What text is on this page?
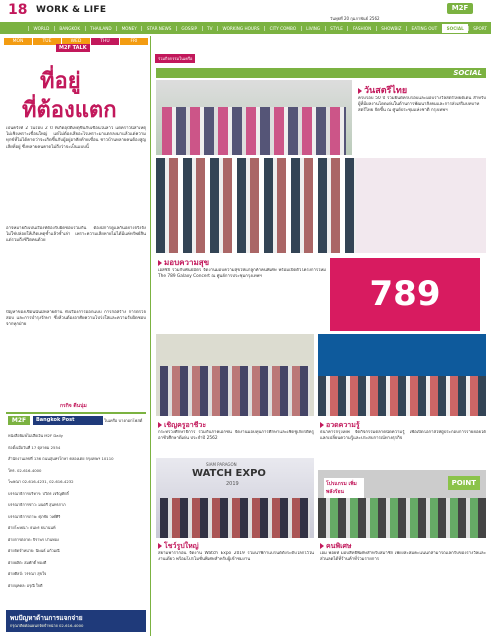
18 WORK & LIFE	M2F
วันพุธที่ 20 กุมภาพันธ์ 2562
WORLD	BANGKOK	THAILAND	MONEY	STAR NEWS	GOSSIP	TV	WORKING HOURS	CITY COMBO	LIVING	STYLE	FASHION	SHOWBIZ	EATING OUT	SOCIAL	SPORT
MON	TUE	WED	THU	FRI
M2F TALK
ที่อยู่
ที่ต้องแตก
เป็นครั้งที่ 2 ในรอบ 2 ปี ที่เกิดอุบัติเหตุขึ้นกับเขื่อนในลาว แต่คราวนี้สาเหตุไม่เชิงเพราะเขื่อนใหญ่ แต่ไม่ต้องเสียอะไรเพราะมาแตกลงมาแล้วแต่ความทุกข์ที่ไม่ได้คาดว่าจะเกิดขึ้นกับผู้อยู่อาศัยท้ายเขื่อน ชาวบ้านหลายคนต้องสูญเสียที่อยู่ ซึ่งหลายคนคาดไม่ถึงว่าจะเป็นแบบนี้
อาจหมายถึงเป็นเรื่องที่ต้องรับผิดชอบร่วมกัน ต้องมีการดูแลกันอย่างจริงจัง ไม่ใช่ปล่อยให้เกิดเหตุซ้ำแล้วซ้ำเล่า เพราะความเสียหายไม่ได้มีแค่ทรัพย์สิน แต่รวมถึงชีวิตคนด้วย
ปัญหาของเขื่อนนั้นมีหลายด้าน ทั้งเรื่องการออกแบบ การก่อสร้าง การตรวจสอบ และการบำรุงรักษา ซึ่งล้วนต้องอาศัยความโปร่งใสและความรับผิดชอบจากทุกฝ่าย
กรกิจ ดีนนุ่ม
M2F	Bangkok Post	ในเครือ บางกอกโพสต์
หนังสือพิมพ์ไม่เสียเงิน M2F Daily
ก่อตั้งเมื่อวันที่ 17 ตุลาคม 2554
สำนักงานเลขที่ 136 ถนนสุนทรโกษา คลองเตย กรุงเทพฯ 10110
โทร. 02-616-4000
โฆษณา 02-616-4231, 02-616-4232
บรรณาธิการบริหาร: ปวิตร เจริญศักดิ์
บรรณาธิการข่าว: มนตรี สุนทรภาภ
บรรณาธิการภาพ: ศุภชัย วงศ์ศิริ
ฝ่ายโฆษณา: ธนพร ธนานนท์
ฝ่ายการตลาด: จิราพร ปานทอง
ฝ่ายจัดจำหน่าย: นิพนธ์ แก้วมณี
ฝ่ายผลิต: สมศักดิ์ ทองดี
ฝ่ายศิลป์: วรรณา สุขใจ
ฝ่ายบุคคล: อรุณี ใจดี
พบปัญหาด้านการแจกจ่าย
กรุณาติดต่อแผนกจัดจำหน่าย 02-616-4000
ร่วมกิจกรรมในเครือ
SOCIAL
วันสตรีไทย
ครบรอบ 50 ปี ร่วมยินดีครบรอบและมอบรางวัลสตรีไทยดีเด่น สำหรับผู้ที่มีผลงานโดดเด่นในด้านการพัฒนาสังคมและการส่งเสริมบทบาทสตรีไทย จัดขึ้น ณ ศูนย์ประชุมแห่งชาติ กรุงเทพฯ
มอบความสุข
เอสซีจี ร่วมกับพันธมิตร จัดงานมอบความสุขให้แก่ลูกค้าคนพิเศษ พร้อมเปิดตัวโครงการใหม่ The 789 Galaxy Concert ณ ศูนย์การประชุมกรุงเทพฯ	789
เชิญครูอาชีวะ
กระทรวงศึกษาธิการ ร่วมกับภาคเอกชน จัดงานมอบทุนการศึกษาและเชิดชูเกียรติครูอาชีวศึกษาดีเด่น ประจำปี 2562
อวดความรู้
ธนาคารกรุงเทพ จัดกิจกรรมตลาดนัดความรู้ เพื่อเปิดโอกาสให้ผู้ประกอบการรายย่อยได้แลกเปลี่ยนความรู้และประสบการณ์ทางธุรกิจ
SIAM PARAGON
WATCH EXPO
2019	โปรแกรม เพิ่มพลังร้อน
POINT
โชว์รูปใหญ่
สยามพารากอน จัดงาน Watch Expo 2019 รวมนาฬิกาแบรนด์ดังระดับโลกไว้ในงานเดียว พร้อมโปรโมชั่นพิเศษสำหรับผู้เข้าชมงาน
คนพิเศษ
เอ็ม พอยท์ มอบสิทธิพิเศษสำหรับสมาชิก เพียงสะสมคะแนนก็สามารถแลกรับของรางวัลและส่วนลดได้ที่ร้านค้าที่ร่วมรายการ
